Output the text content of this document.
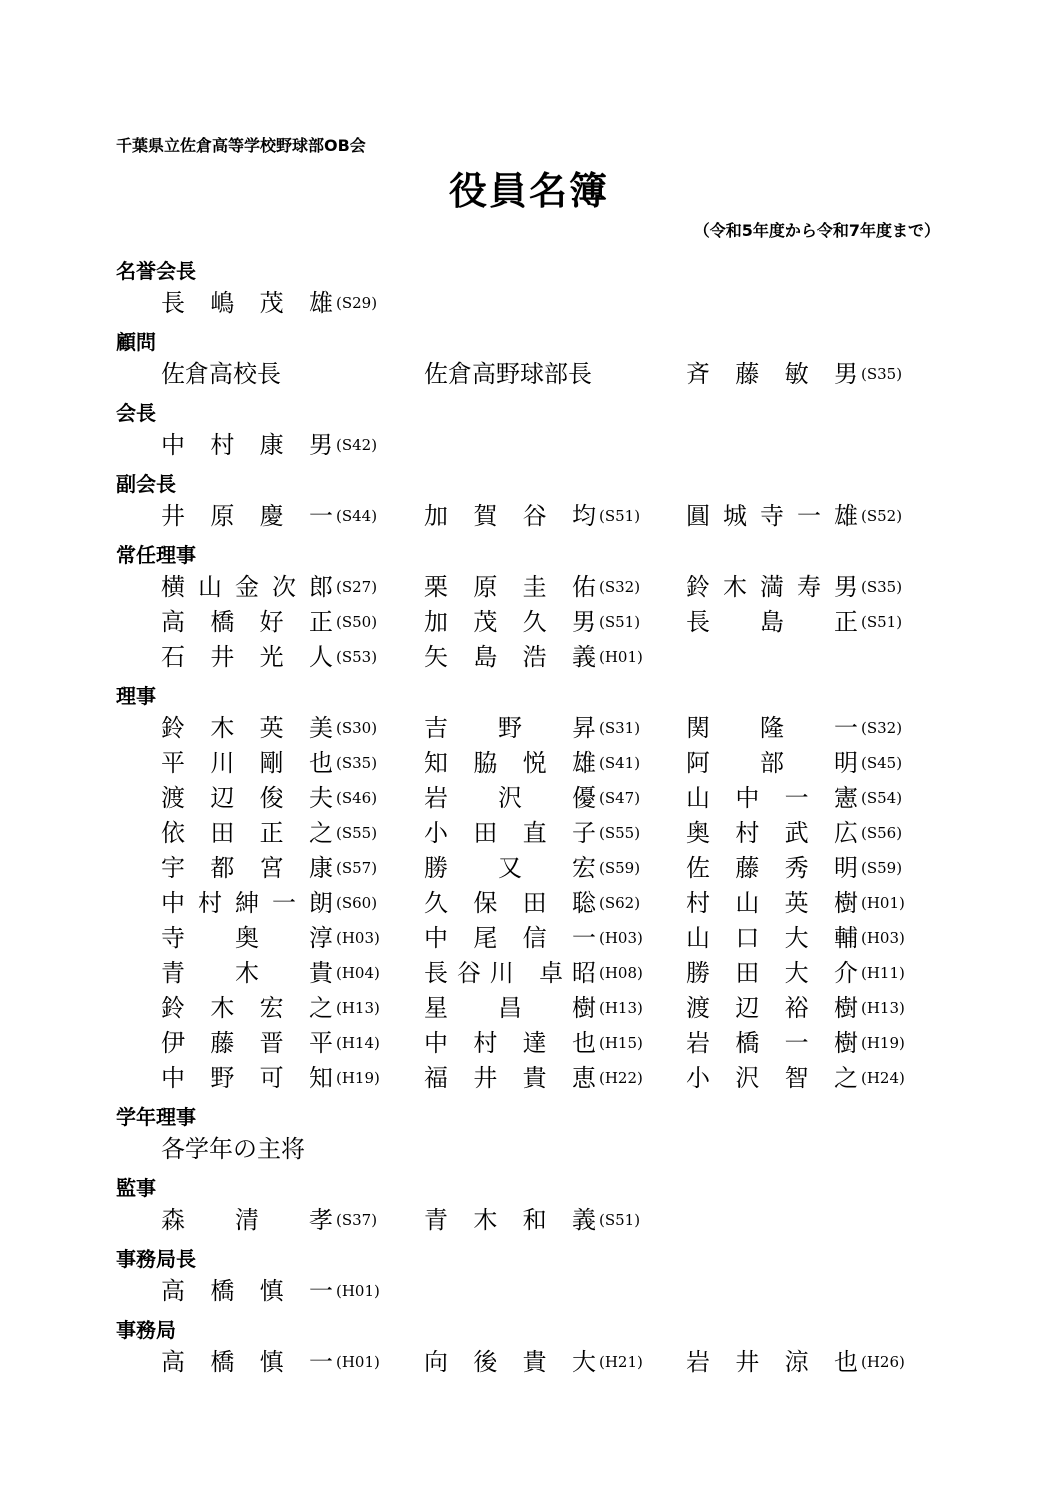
千葉県立佐倉高等学校野球部OB会
役員名簿
（令和5年度から令和7年度まで）
名誉会長
長 嶋 茂 雄 (S29)
顧問
佐倉高校長	佐倉高野球部長	斉 藤 敏 男 (S35)
会長
中 村 康 男 (S42)
副会長
井 原 慶 一 (S44) 加 賀 谷 均 (S51) 圓 城 寺 一 雄 (S52)
常任理事
横 山 金 次 郎 (S27) 栗 原 圭 佑 (S32) 鈴 木 満 寿 男 (S35)
高 橋 好 正 (S50) 加 茂 久 男 (S51) 長 島 正 (S51)
石 井 光 人 (S53) 矢 島 浩 義 (H01)
理事
鈴 木 英 美 (S30) 吉 野 昇 (S31) 関 隆 一 (S32)
平 川 剛 也 (S35) 知 脇 悦 雄 (S41) 阿 部 明 (S45)
渡 辺 俊 夫 (S46) 岩 沢 優 (S47) 山 中 一 憲 (S54)
依 田 正 之 (S55) 小 田 直 子 (S55) 奥 村 武 広 (S56)
宇 都 宮 康 (S57) 勝 又 宏 (S59) 佐 藤 秀 明 (S59)
中 村 紳 一 朗 (S60) 久 保 田 聡 (S62) 村 山 英 樹 (H01)
寺 奥 淳 (H03) 中 尾 信 一 (H03) 山 口 大 輔 (H03)
青 木 貴 (H04) 長谷川 卓昭 (H08) 勝 田 大 介 (H11)
鈴 木 宏 之 (H13) 星 昌 樹 (H13) 渡 辺 裕 樹 (H13)
伊 藤 晋 平 (H14) 中 村 達 也 (H15) 岩 橋 一 樹 (H19)
中 野 可 知 (H19) 福 井 貴 恵 (H22) 小 沢 智 之 (H24)
学年理事
各学年の主将
監事
森 清 孝 (S37) 青 木 和 義 (S51)
事務局長
高 橋 慎 一 (H01)
事務局
高 橋 慎 一 (H01) 向 後 貴 大 (H21) 岩 井 涼 也 (H26)
